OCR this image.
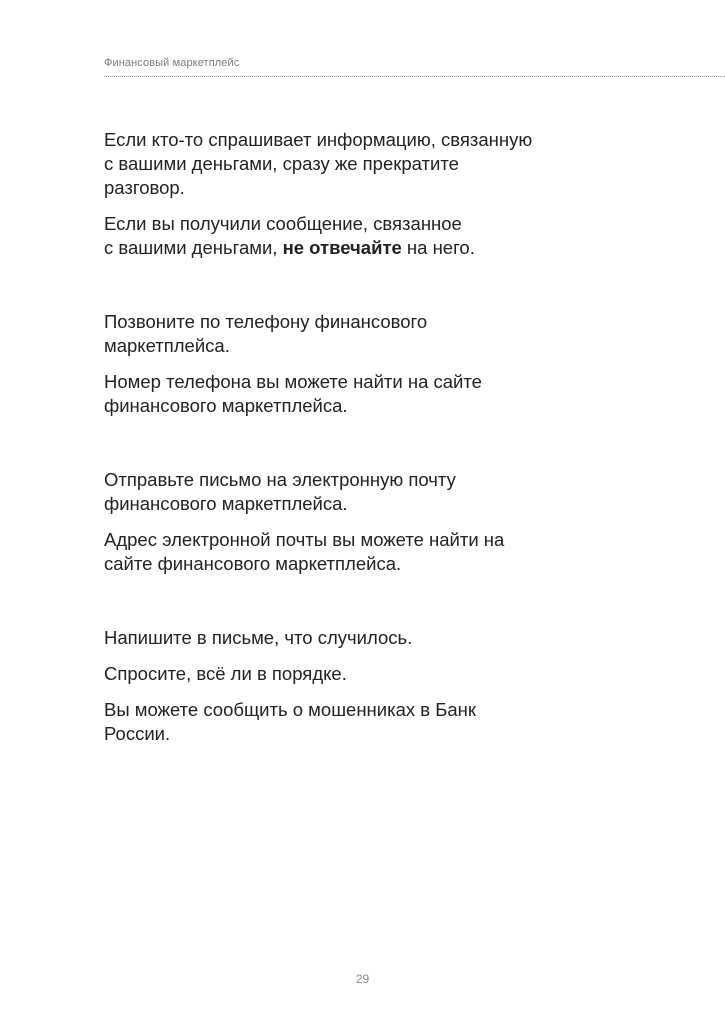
Финансовый маркетплейс

Если кто-то спрашивает информацию, связанную
с вашими деньгами, сразу же прекратите
разговор.

Если вы получили сообщение, связанное
с вашими деньгами, не отвечайте на него.

Позвоните по телефону финансового
маркетплейса.

Номер телефона вы можете найти на сайте
финансового маркетплейса.

Отправьте письмо на электронную почту
финансового маркетплейса.

Адрес электронной почты вы можете найти на
сайте финансового маркетплейса.

Напишите в письме, что случилось.

Спросите, всё ли в порядке.

Вы можете сообщить о мошенниках в Банк
России.

29
